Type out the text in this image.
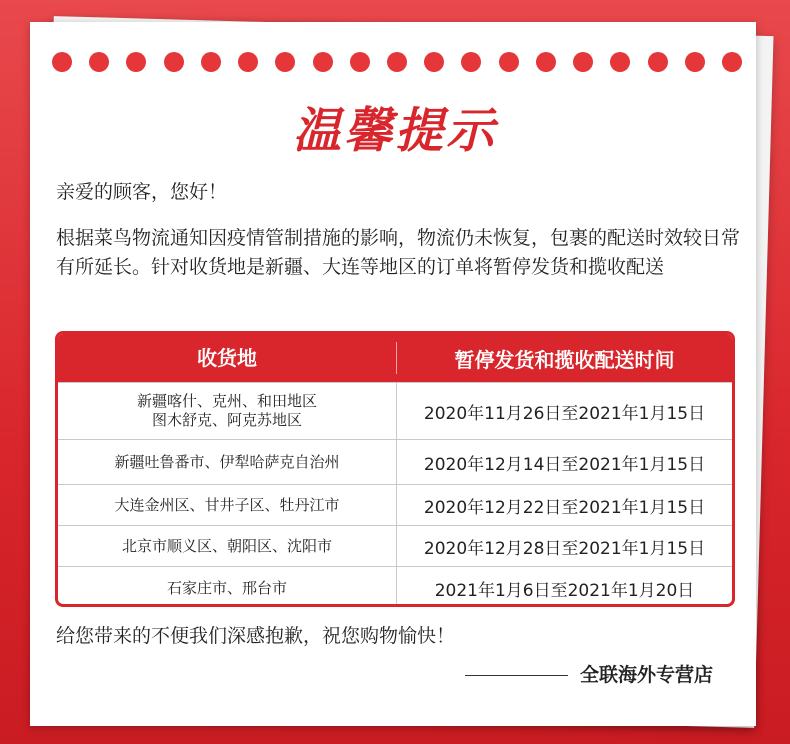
温馨提示
亲爱的顾客，您好！
根据菜鸟物流通知因疫情管制措施的影响，物流仍未恢复，包裹的配送时效较日常有所延长。针对收货地是新疆、大连等地区的订单将暂停发货和揽收配送
收货地	暂停发货和揽收配送时间
新疆喀什、克州、和田地区
图木舒克、阿克苏地区	2020年11月26日至2021年1月15日
新疆吐鲁番市、伊犁哈萨克自治州	2020年12月14日至2021年1月15日
大连金州区、甘井子区、牡丹江市	2020年12月22日至2021年1月15日
北京市顺义区、朝阳区、沈阳市	2020年12月28日至2021年1月15日
石家庄市、邢台市	2021年1月6日至2021年1月20日
给您带来的不便我们深感抱歉，祝您购物愉快！
全联海外专营店
